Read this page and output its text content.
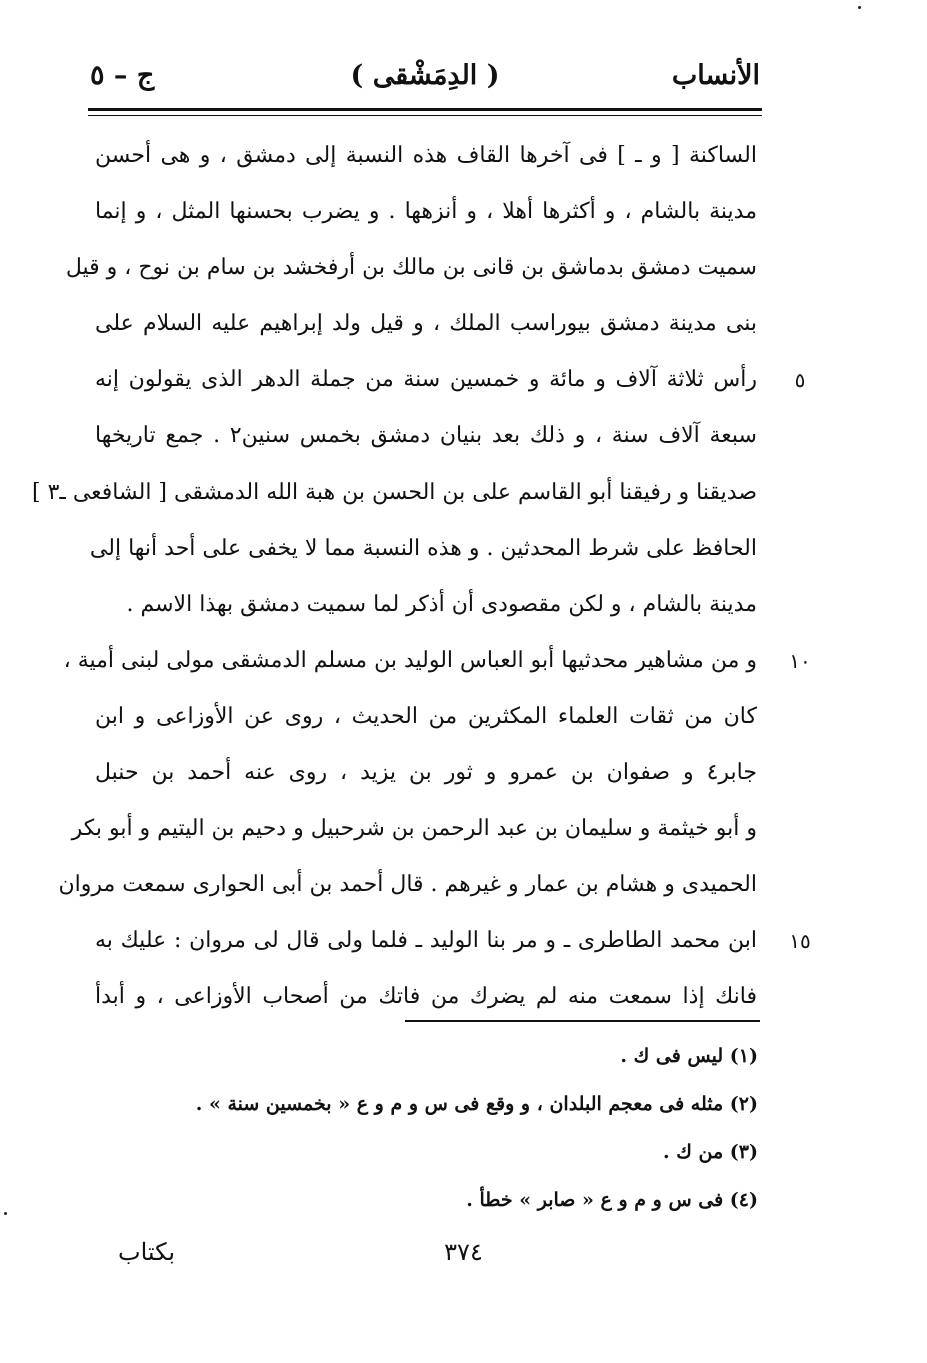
الأنساب
( الدِمَشْقى )
ج – ٥
الساكنة [ و ـ ] فى آخرها القاف هذه النسبة إلى دمشق ، و هى أحسن
مدينة بالشام ، و أكثرها أهلا ، و أنزهها . و يضرب بحسنها المثل ، و إنما
سميت دمشق بدماشق بن قانى بن مالك بن أرفخشد بن سام بن نوح ، و قيل
بنى مدينة دمشق بيوراسب الملك ، و قيل ولد إبراهيم عليه السلام على
رأس ثلاثة آلاف و مائة و خمسين سنة من جملة الدهر الذى يقولون إنه
سبعة آلاف سنة ، و ذلك بعد بنيان دمشق بخمس سنين٢ . جمع تاريخها
صديقنا و رفيقنا أبو القاسم على بن الحسن بن هبة الله الدمشقى [ الشافعى ـ٣ ]
الحافظ على شرط المحدثين . و هذه النسبة مما لا يخفى على أحد أنها إلى
مدينة بالشام ، و لكن مقصودى أن أذكر لما سميت دمشق بهذا الاسم .
و من مشاهير محدثيها أبو العباس الوليد بن مسلم الدمشقى مولى لبنى أمية ،
كان من ثقات العلماء المكثرين من الحديث ، روى عن الأوزاعى و ابن
جابر٤ و صفوان بن عمرو و ثور بن يزيد ، روى عنه أحمد بن حنبل
و أبو خيثمة و سليمان بن عبد الرحمن بن شرحبيل و دحيم بن اليتيم و أبو بكر
الحميدى و هشام بن عمار و غيرهم . قال أحمد بن أبى الحوارى سمعت مروان
ابن محمد الطاطرى ـ و مر بنا الوليد ـ فلما ولى قال لى مروان : عليك به
فانك إذا سمعت منه لم يضرك من فاتك من أصحاب الأوزاعى ، و أبدأ
٥
١٠
١٥
(١) ليس فى ك .
(٢) مثله فى معجم البلدان ، و وقع فى س و م و ع « بخمسين سنة » .
(٣) من ك .
(٤) فى س و م و ع « صابر » خطأ .
٣٧٤
بكتاب
